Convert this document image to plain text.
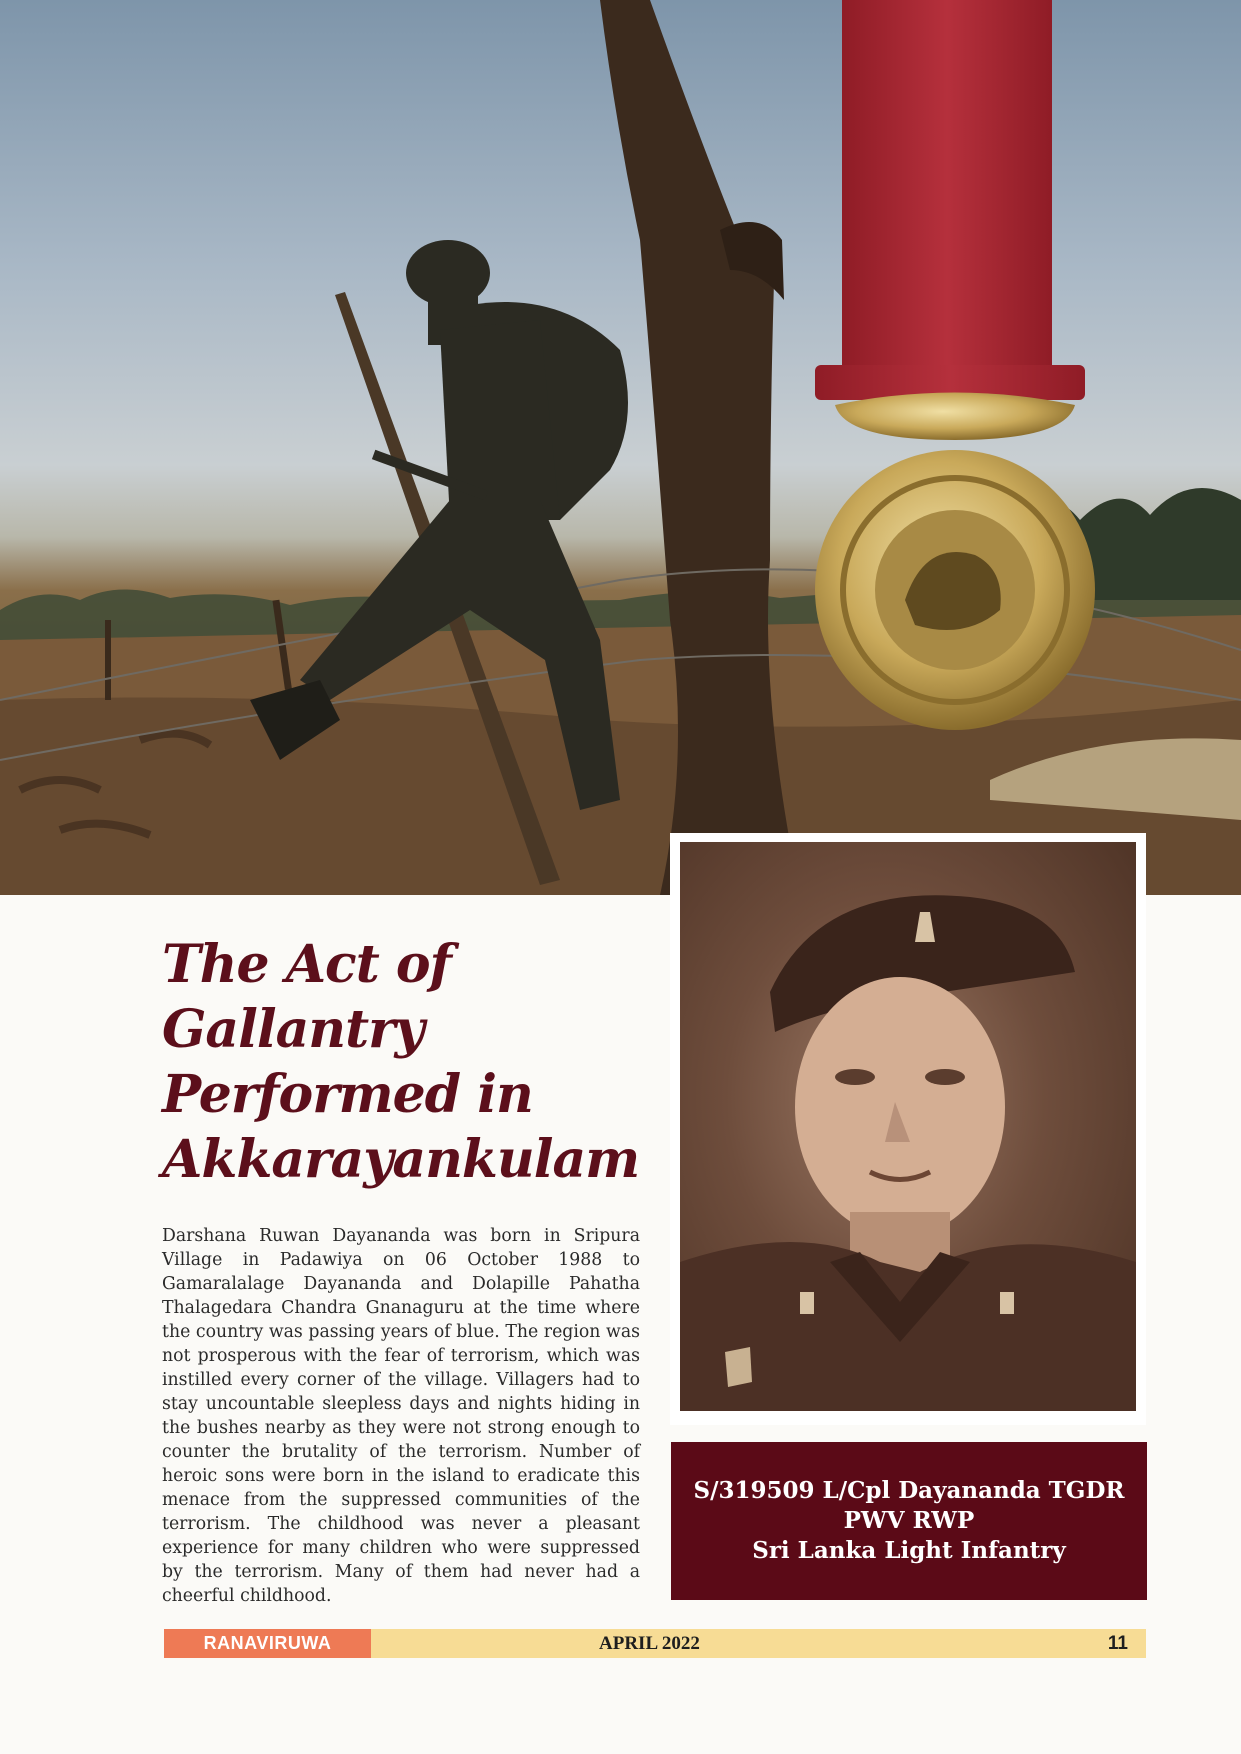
The Act of
Gallantry
Performed in
Akkarayankulam

Darshana Ruwan Dayananda was born in Sripura Village in Padawiya on 06 October 1988 to Gamaralalage Dayananda and Dolapille Pahatha Thalagedara Chandra Gnanaguru at the time where the country was passing years of blue. The region was not prosperous with the fear of terrorism, which was instilled every corner of the village. Villagers had to stay uncountable sleepless days and nights hiding in the bushes nearby as they were not strong enough to counter the brutality of the terrorism. Number of heroic sons were born in the island to eradicate this menace from the suppressed communities of the terrorism. The childhood was never a pleasant experience for many children who were suppressed by the terrorism. Many of them had never had a cheerful childhood.

S/319509 L/Cpl Dayananda TGDR
PWV RWP
Sri Lanka Light Infantry
RANAVIRUWA	APRIL 2022	11
